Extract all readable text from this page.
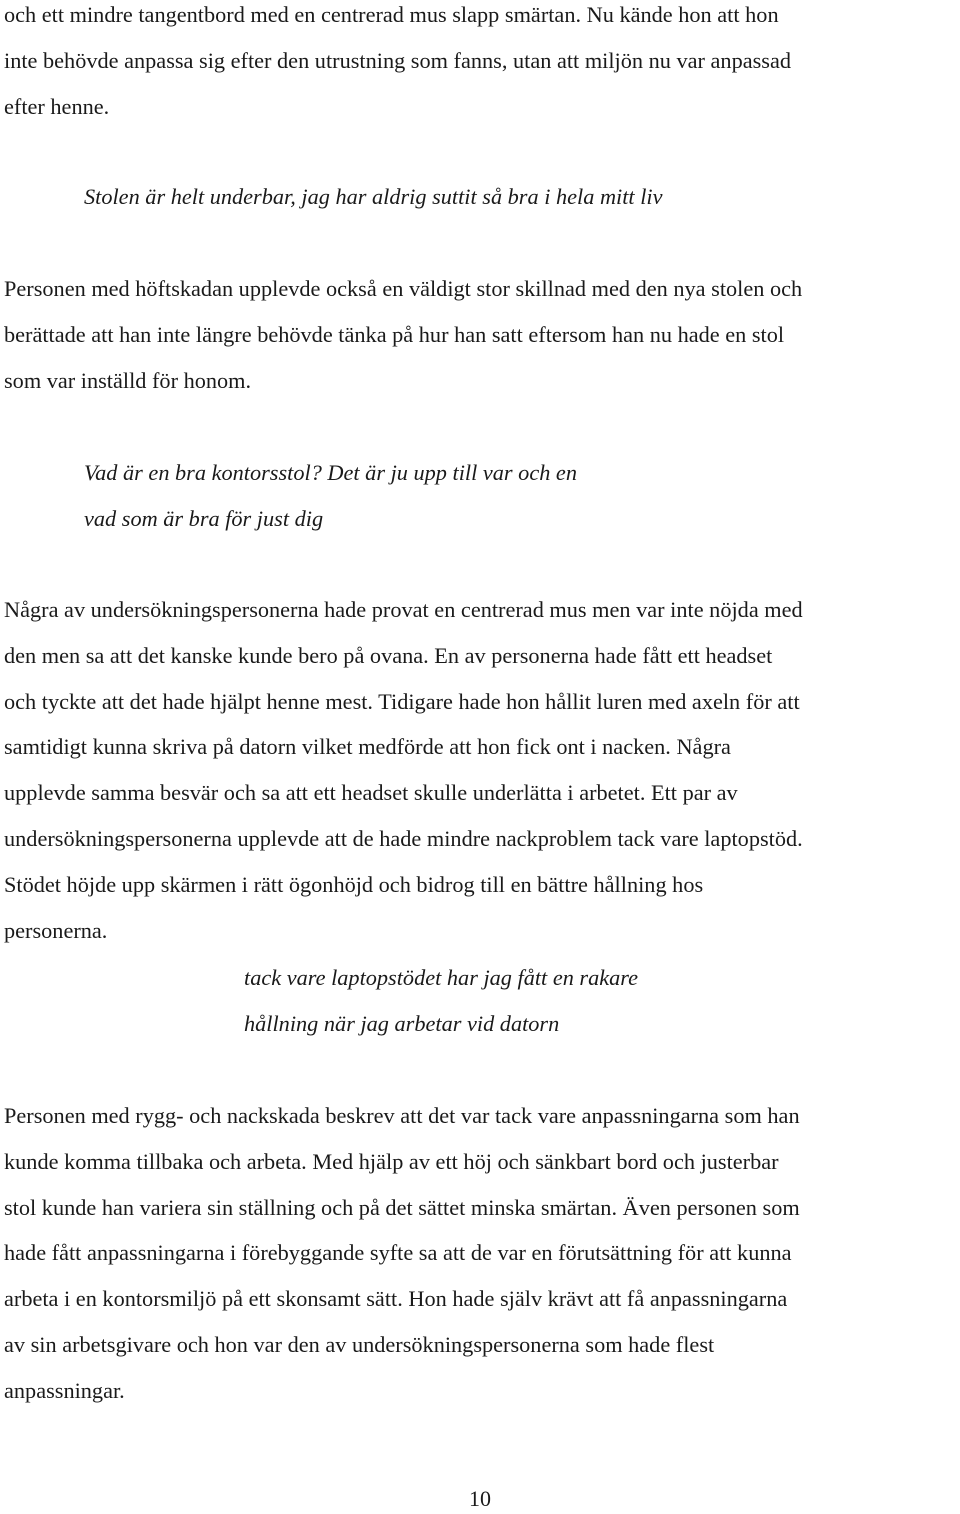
och ett mindre tangentbord med en centrerad mus slapp smärtan. Nu kände hon att hon
inte behövde anpassa sig efter den utrustning som fanns, utan att miljön nu var anpassad
efter henne.

Stolen är helt underbar, jag har aldrig suttit så bra i hela mitt liv

Personen med höftskadan upplevde också en väldigt stor skillnad med den nya stolen och
berättade att han inte längre behövde tänka på hur han satt eftersom han nu hade en stol
som var inställd för honom.

Vad är en bra kontorsstol? Det är ju upp till var och en
vad som är bra för just dig

Några av undersökningspersonerna hade provat en centrerad mus men var inte nöjda med
den men sa att det kanske kunde bero på ovana. En av personerna hade fått ett headset
och tyckte att det hade hjälpt henne mest. Tidigare hade hon hållit luren med axeln för att
samtidigt kunna skriva på datorn vilket medförde att hon fick ont i nacken. Några
upplevde samma besvär och sa att ett headset skulle underlätta i arbetet. Ett par av
undersökningspersonerna upplevde att de hade mindre nackproblem tack vare laptopstöd.
Stödet höjde upp skärmen i rätt ögonhöjd och bidrog till en bättre hållning hos
personerna.

tack vare laptopstödet har jag fått en rakare
hållning när jag arbetar vid datorn

Personen med rygg- och nackskada beskrev att det var tack vare anpassningarna som han
kunde komma tillbaka och arbeta. Med hjälp av ett höj och sänkbart bord och justerbar
stol kunde han variera sin ställning och på det sättet minska smärtan. Även personen som
hade fått anpassningarna i förebyggande syfte sa att de var en förutsättning för att kunna
arbeta i en kontorsmiljö på ett skonsamt sätt. Hon hade själv krävt att få anpassningarna
av sin arbetsgivare och hon var den av undersökningspersonerna som hade flest
anpassningar.

10
